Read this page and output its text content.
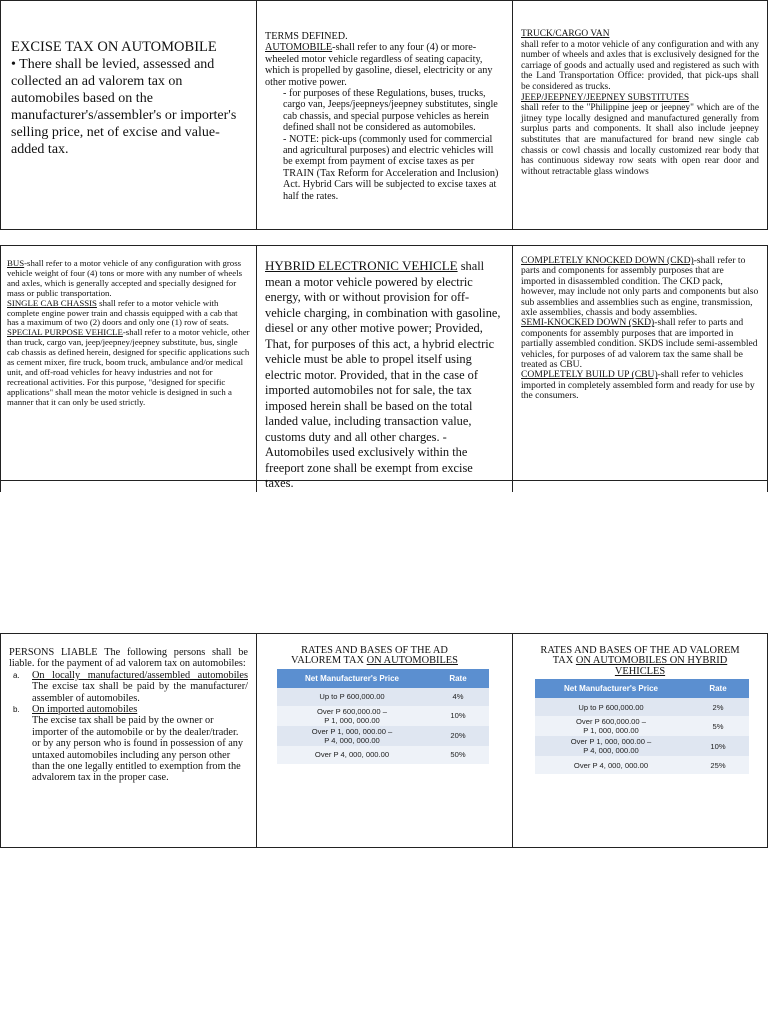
EXCISE TAX ON AUTOMOBILE

• There shall be levied, assessed and collected an ad valorem tax on automobiles based on the manufacturer's/assembler's or importer's selling price, net of excise and value-added tax.

TERMS DEFINED.

AUTOMOBILE-shall refer to any four (4) or more-wheeled motor vehicle regardless of seating capacity, which is propelled by gasoline, diesel, electricity or any other motive power.

- for purposes of these Regulations, buses, trucks, cargo van, Jeeps/jeepneys/jeepney substitutes, single cab chassis, and special purpose vehicles as herein defined shall not be considered as automobiles.

- NOTE: pick-ups (commonly used for commercial and agricultural purposes) and electric vehicles will be exempt from payment of excise taxes as per TRAIN (Tax Reform for Acceleration and Inclusion) Act. Hybrid Cars will be subjected to excise taxes at half the rates.

TRUCK/CARGO VAN

shall refer to a motor vehicle of any configuration and with any number of wheels and axles that is exclusively designed for the carriage of goods and actually used and registered as such with the Land Transportation Office: provided, that pick-ups shall be considered as trucks.

JEEP/JEEPNEY/JEEPNEY SUBSTITUTES

shall refer to the "Philippine jeep or jeepney" which are of the jitney type locally designed and manufactured generally from surplus parts and components. It shall also include jeepney substitutes that are manufactured for brand new single cab chassis or cowl chassis and locally customized rear body that has continuous sideway row seats with open rear door and without retractable glass windows

BUS-shall refer to a motor vehicle of any configuration with gross vehicle weight of four (4) tons or more with any number of wheels and axles, which is generally accepted and specially designed for mass or public transportation.

SINGLE CAB CHASSIS shall refer to a motor vehicle with complete engine power train and chassis equipped with a cab that has a maximum of two (2) doors and only one (1) row of seats.

SPECIAL PURPOSE VEHICLE-shall refer to a motor vehicle, other than truck, cargo van, jeep/jeepney/jeepney substitute, bus, single cab chassis as defined herein, designed for specific applications such as cement mixer, fire truck, boom truck, ambulance and/or medical unit, and off-road vehicles for heavy industries and not for recreational activities. For this purpose, "designed for specific applications" shall mean the motor vehicle is designed in such a manner that it can only be used strictly.

HYBRID ELECTRONIC VEHICLE shall mean a motor vehicle powered by electric energy, with or without provision for off-vehicle charging, in combination with gasoline, diesel or any other motive power; Provided, That, for purposes of this act, a hybrid electric vehicle must be able to propel itself using electric motor. Provided, that in the case of imported automobiles not for sale, the tax imposed herein shall be based on the total landed value, including transaction value, customs duty and all other charges. - Automobiles used exclusively within the freeport zone shall be exempt from excise taxes.

COMPLETELY KNOCKED DOWN (CKD)-shall refer to parts and components for assembly purposes that are imported in disassembled condition. The CKD pack, however, may include not only parts and components but also sub assemblies and assemblies such as engine, transmission, axle assemblies, chassis and body assemblies.

SEMI-KNOCKED DOWN (SKD)-shall refer to parts and components for assembly purposes that are imported in partially assembled condition. SKDS include semi-assembled vehicles, for purposes of ad valorem tax the same shall be treated as CBU.

COMPLETELY BUILD UP (CBU)-shall refer to vehicles imported in completely assembled form and ready for use by the consumers.

PERSONS LIABLE The following persons shall be liable. for the payment of ad valorem tax on automobiles:

a. On locally manufactured/assembled automobiles The excise tax shall be paid by the manufacturer/ assembler of automobiles.

b. On imported automobiles

The excise tax shall be paid by the owner or importer of the automobile or by the dealer/trader. or by any person who is found in possession of any untaxed automobiles including any person other than the one legally entitled to exemption from the advalorem tax in the proper case.

RATES AND BASES OF THE AD VALOREM TAX ON AUTOMOBILES

Net Manufacturer's Price	Rate
Up to P 600,000.00	4%
Over P 600,000.00 –
P 1, 000, 000.00	10%
Over P 1, 000, 000.00 –
P 4, 000, 000.00	20%
Over P 4, 000, 000.00	50%

RATES AND BASES OF THE AD VALOREM TAX ON AUTOMOBILES ON HYBRID VEHICLES

Net Manufacturer's Price	Rate
Up to P 600,000.00	2%
Over P 600,000.00 –
P 1, 000, 000.00	5%
Over P 1, 000, 000.00 –
P 4, 000, 000.00	10%
Over P 4, 000, 000.00	25%
